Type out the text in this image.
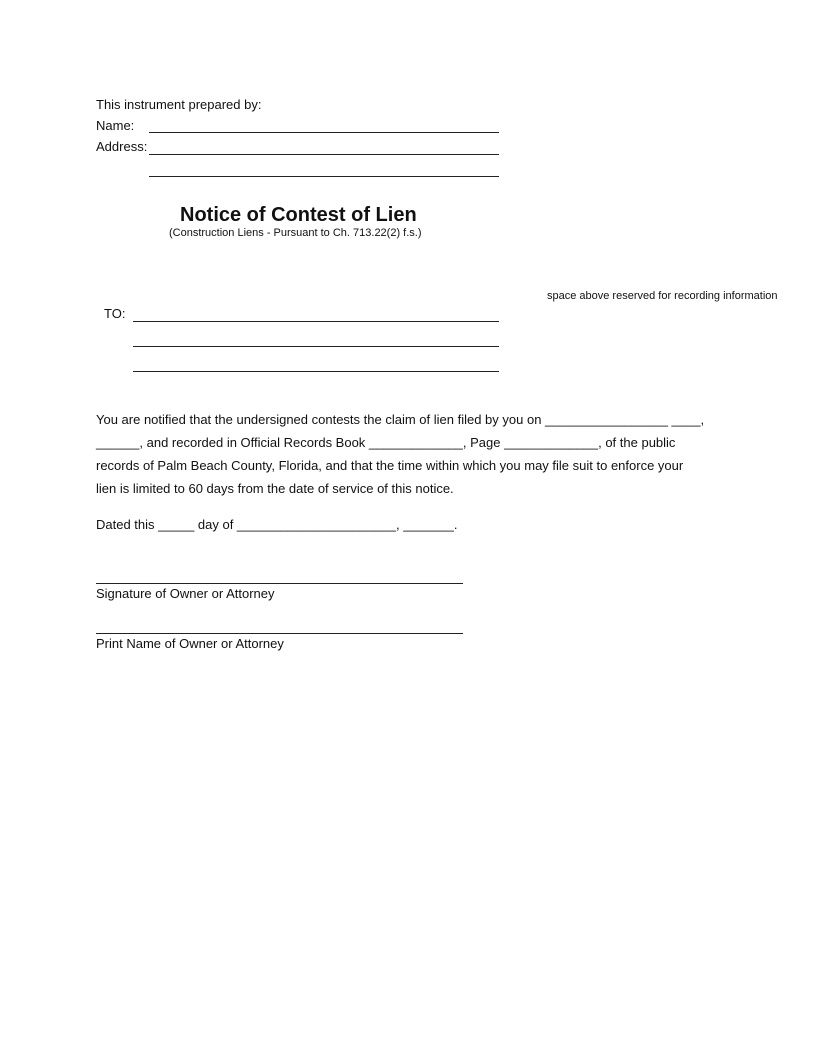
This instrument prepared by:
Name:
Address:
Notice of Contest of Lien
(Construction Liens - Pursuant to Ch. 713.22(2) f.s.)
space above reserved for recording information
TO:
You are notified that the undersigned contests the claim of lien filed by you on _________________ ____,
______, and recorded in Official Records Book _____________, Page _____________, of the public
records of Palm Beach County, Florida, and that the time within which you may file suit to enforce your
lien is limited to 60 days from the date of service of this notice.
Dated this _____ day of ______________________, _______.
Signature of Owner or Attorney
Print Name of Owner or Attorney
